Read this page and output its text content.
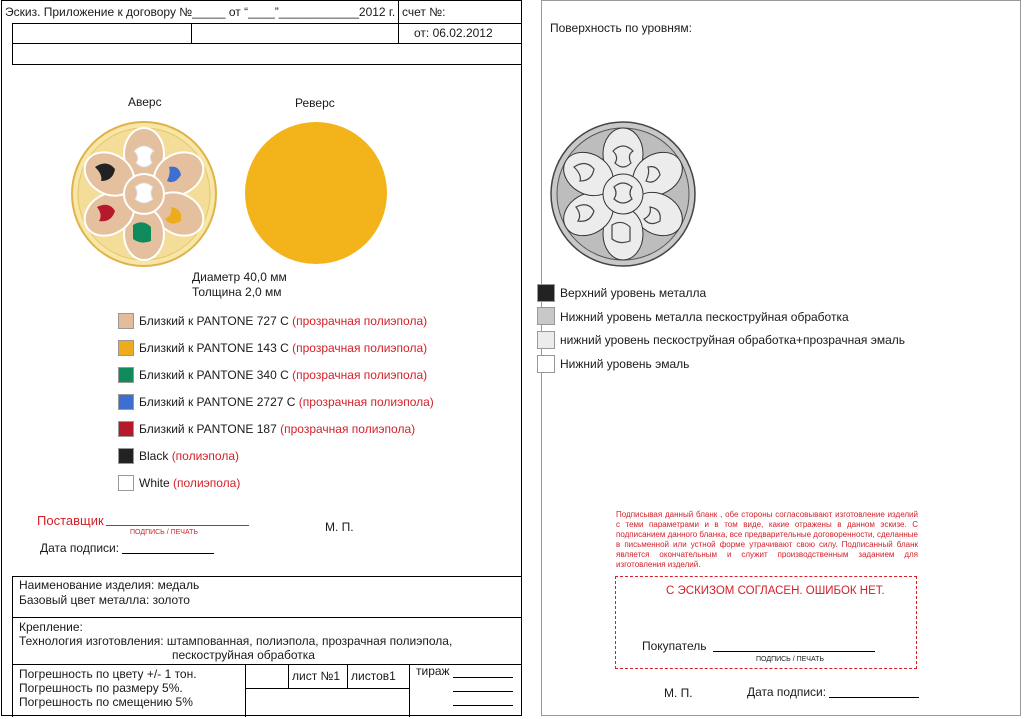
Эскиз. Приложение к договору №_____ от “____”____________2012 г. счет №:
от: 06.02.2012
Аверс	Реверс
Диаметр 40,0 мм
Толщина 2,0 мм
Близкий к PANTONE 727 C (прозрачная полиэпола)
Близкий к PANTONE 143 C (прозрачная полиэпола)
Близкий к PANTONE 340 C (прозрачная полиэпола)
Близкий к PANTONE 2727 C (прозрачная полиэпола)
Близкий к PANTONE 187 (прозрачная полиэпола)
Black (полиэпола)
White (полиэпола)
Поставщик
ПОДПИСЬ / ПЕЧАТЬ	М. П.
Дата подписи:
Наименование изделия: медаль
Базовый цвет металла: золото
Крепление:
Технология изготовления: штампованная, полиэпола, прозрачная полиэпола,
пескоструйная обработка
Погрешность по цвету +/- 1 тон.
Погрешность по размеру 5%.
Погрешность по смещению 5%
лист №1 листов1 тираж
Поверхность по уровням:
Верхний уровень металла
Нижний уровень металла пескоструйная обработка
нижний уровень пескоструйная обработка+прозрачная эмаль
Нижний уровень эмаль
Подписывая данный бланк , обе стороны согласовывают изготовление изделий с теми параметрами и в том виде, какие отражены в данном эскизе. С подписанием данного бланка, все предварительные договоренности, сделанные в письменной или устной форме утрачивают свою силу. Подписанный бланк является окончательным и служит производственным заданием для изготовления изделий.
С ЭСКИЗОМ СОГЛАСЕН. ОШИБОК НЕТ.
Покупатель
ПОДПИСЬ / ПЕЧАТЬ
М. П.	Дата подписи:
